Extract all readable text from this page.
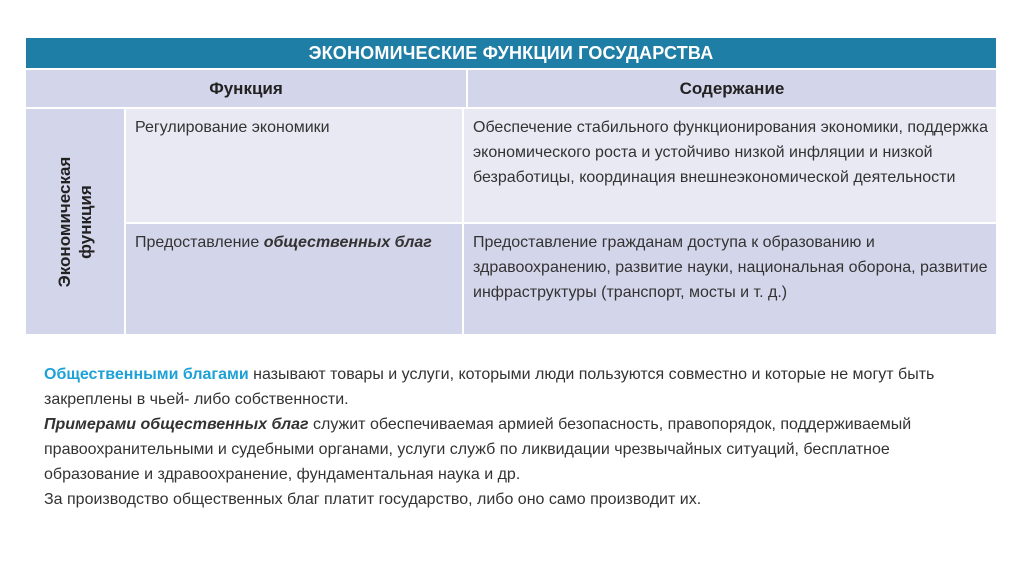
ЭКОНОМИЧЕСКИЕ ФУНКЦИИ ГОСУДАРСТВА
Функция	Содержание
Экономическая функция
Регулирование экономики	Обеспечение стабильного функционирования экономики, поддержка экономического роста и устойчиво низкой инфляции и низкой безработицы, координация внешнеэкономической деятельности
Предоставление общественных благ	Предоставление гражданам доступа к образованию и здравоохранению, развитие науки, национальная оборона, развитие инфраструктуры (транспорт, мосты и т. д.)
Общественными благами называют товары и услуги, которыми люди пользуются совместно и которые не могут быть закреплены в чьей- либо собственности.
Примерами общественных благ служит обеспечиваемая армией безопасность, правопорядок, поддерживаемый правоохранительными и судебными органами, услуги служб по ликвидации чрезвычайных ситуаций, бесплатное образование и здравоохранение, фундаментальная наука и др.
За производство общественных благ платит государство, либо оно само производит их.
